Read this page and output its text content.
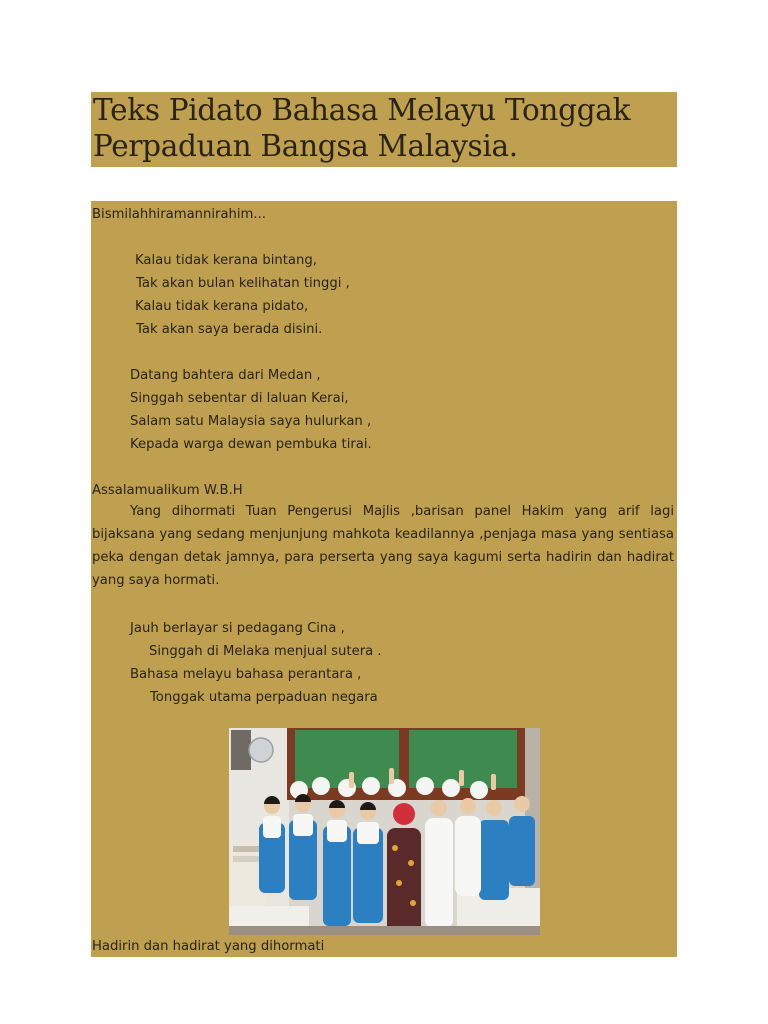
Teks Pidato Bahasa Melayu Tonggak Perpaduan Bangsa Malaysia.
Bismilahhiramannirahim...
Kalau tidak kerana bintang,
Tak akan bulan kelihatan tinggi ,
Kalau tidak kerana pidato,
Tak akan saya berada disini.
Datang bahtera dari Medan ,
Singgah sebentar di laluan Kerai,
Salam satu Malaysia saya hulurkan ,
Kepada warga dewan pembuka tirai.
Assalamualikum W.B.H
Yang dihormati Tuan Pengerusi Majlis ,barisan panel Hakim yang arif lagi bijaksana yang sedang menjunjung mahkota keadilannya ,penjaga masa yang sentiasa peka dengan detak jamnya, para perserta yang saya kagumi serta hadirin dan hadirat yang saya hormati.
Jauh berlayar si pedagang Cina ,
Singgah di Melaka menjual sutera .
Bahasa melayu bahasa perantara ,
Tonggak utama perpaduan negara
Hadirin dan hadirat yang dihormati
